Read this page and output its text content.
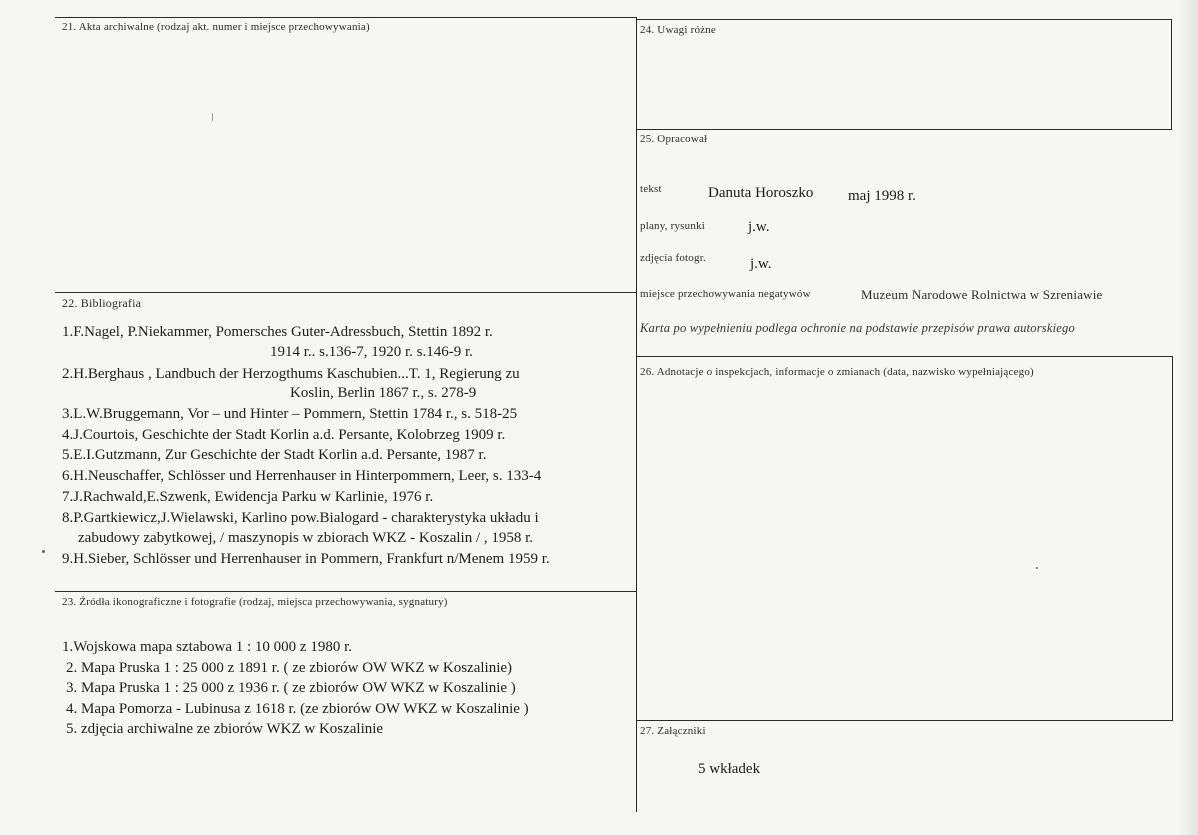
21. Akta archiwalne (rodzaj akt. numer i miejsce przechowywania)
22. Bibliografia
1.F.Nagel, P.Niekammer, Pomersches Guter-Adressbuch, Stettin 1892 r.
1914 r.. s.136-7, 1920 r. s.146-9 r.
2.H.Berghaus , Landbuch der Herzogthums Kaschubien...T. 1, Regierung zu
Koslin, Berlin 1867 r., s. 278-9
3.L.W.Bruggemann, Vor – und Hinter – Pommern, Stettin 1784 r., s. 518-25
4.J.Courtois, Geschichte der Stadt Korlin a.d. Persante, Kolobrzeg 1909 r.
5.E.I.Gutzmann, Zur Geschichte der Stadt Korlin a.d. Persante, 1987 r.
6.H.Neuschaffer, Schlösser und Herrenhauser in Hinterpommern, Leer, s. 133-4
7.J.Rachwald,E.Szwenk, Ewidencja Parku w Karlinie, 1976 r.
8.P.Gartkiewicz,J.Wielawski, Karlino pow.Bialogard - charakterystyka układu i
zabudowy zabytkowej, / maszynopis w zbiorach WKZ - Koszalin / , 1958 r.
9.H.Sieber, Schlösser und Herrenhauser in Pommern, Frankfurt n/Menem 1959 r.
23. Źródła ikonograficzne i fotografie (rodzaj, miejsca przechowywania, sygnatury)
1.Wojskowa mapa sztabowa 1 : 10 000 z 1980 r.
2. Mapa Pruska 1 : 25 000 z 1891 r. ( ze zbiorów OW WKZ w Koszalinie)
3. Mapa Pruska 1 : 25 000 z 1936 r. ( ze zbiorów OW WKZ w Koszalinie )
4. Mapa Pomorza - Lubinusa z 1618 r. (ze zbiorów OW WKZ w Koszalinie )
5. zdjęcia archiwalne ze zbiorów WKZ w Koszalinie
24. Uwagi różne
25. Opracował
tekst	Danuta Horoszko maj 1998 r.
plany, rysunki	j.w.
zdjęcia fotogr.	j.w.
miejsce przechowywania negatywów	Muzeum Narodowe Rolnictwa w Szreniawie
Karta po wypełnieniu podlega ochronie na podstawie przepisów prawa autorskiego
26. Adnotacje o inspekcjach, informacje o zmianach (data, nazwisko wypełniającego)
27. Załączniki
5 wkładek
